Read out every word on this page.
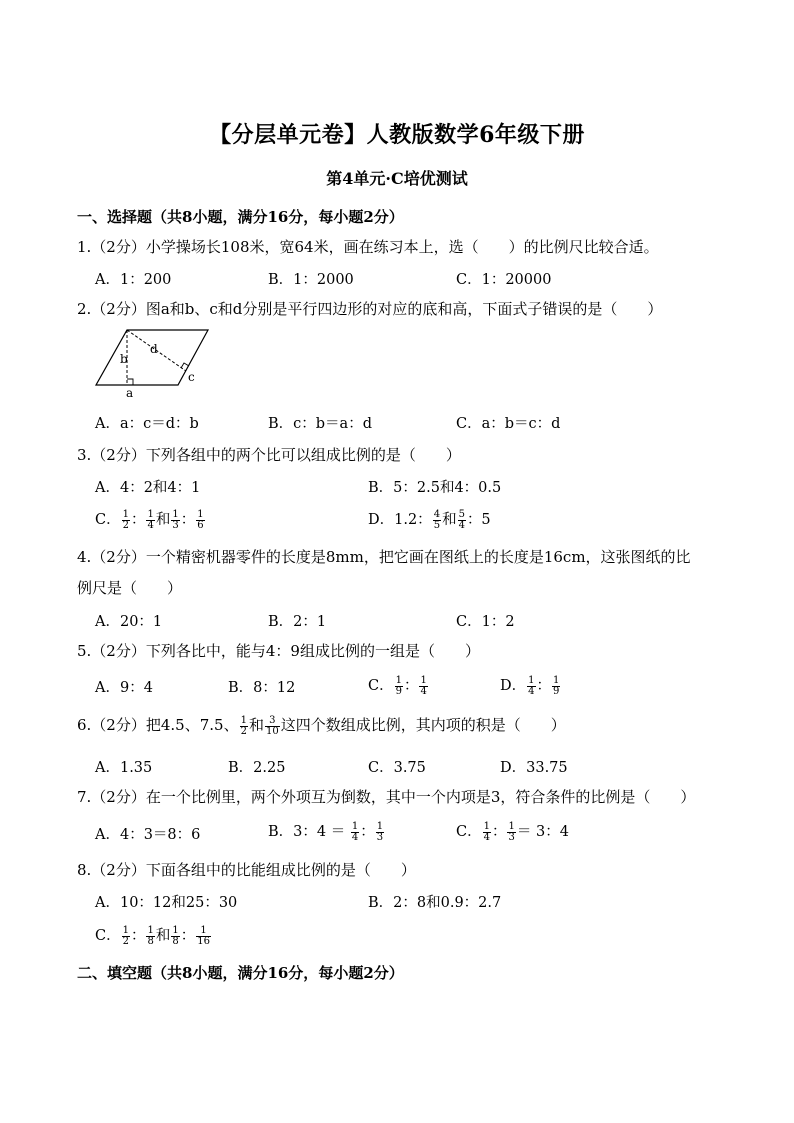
【分层单元卷】人教版数学6年级下册
第4单元·C培优测试
一、选择题（共8小题，满分16分，每小题2分）
1.（2分）小学操场长108米，宽64米，画在练习本上，选（　　）的比例尺比较合适。
A．1：200	B．1：2000	C．1：20000
2.（2分）图a和b、c和d分别是平行四边形的对应的底和高，下面式子错误的是（　　）
b
d
c
a
A．a：c＝d：b	B．c：b＝a：d	C．a：b＝c：d
3.（2分）下列各组中的两个比可以组成比例的是（　　）
A．4：2和4：1	B．5：2.5和4：0.5
C． $\frac{1}{2}$ ： $\frac{1}{4}$ 和 $\frac{1}{3}$ ： $\frac{1}{6}$	D．1.2： $\frac{4}{5}$ 和 $\frac{5}{4}$ ：5
4.（2分）一个精密机器零件的长度是8mm，把它画在图纸上的长度是16cm，这张图纸的比
例尺是（　　）
A．20：1	B．2：1	C．1：2
5.（2分）下列各比中，能与4：9组成比例的一组是（　　）
A．9：4	B．8：12	C． $\frac{1}{9}$ ： $\frac{1}{4}$	D． $\frac{1}{4}$ ： $\frac{1}{9}$
6.（2分）把4.5、7.5、 $\frac{1}{2}$ 和 $\frac{3}{10}$ 这四个数组成比例，其内项的积是（　　）
A．1.35	B．2.25	C．3.75	D．33.75
7.（2分）在一个比例里，两个外项互为倒数，其中一个内项是3，符合条件的比例是（　　）
A．4：3＝8：6	B．3：$4 = \frac{1}{4}$ ： $\frac{1}{3}$	C． $\frac{1}{4}$ ： $\frac{1}{3} = 3$：4
8.（2分）下面各组中的比能组成比例的是（　　）
A．10：12和25：30	B．2：8和0.9：2.7
C． $\frac{1}{2}$ ： $\frac{1}{8}$ 和 $\frac{1}{8}$ ： $\frac{1}{16}$
二、填空题（共8小题，满分16分，每小题2分）
